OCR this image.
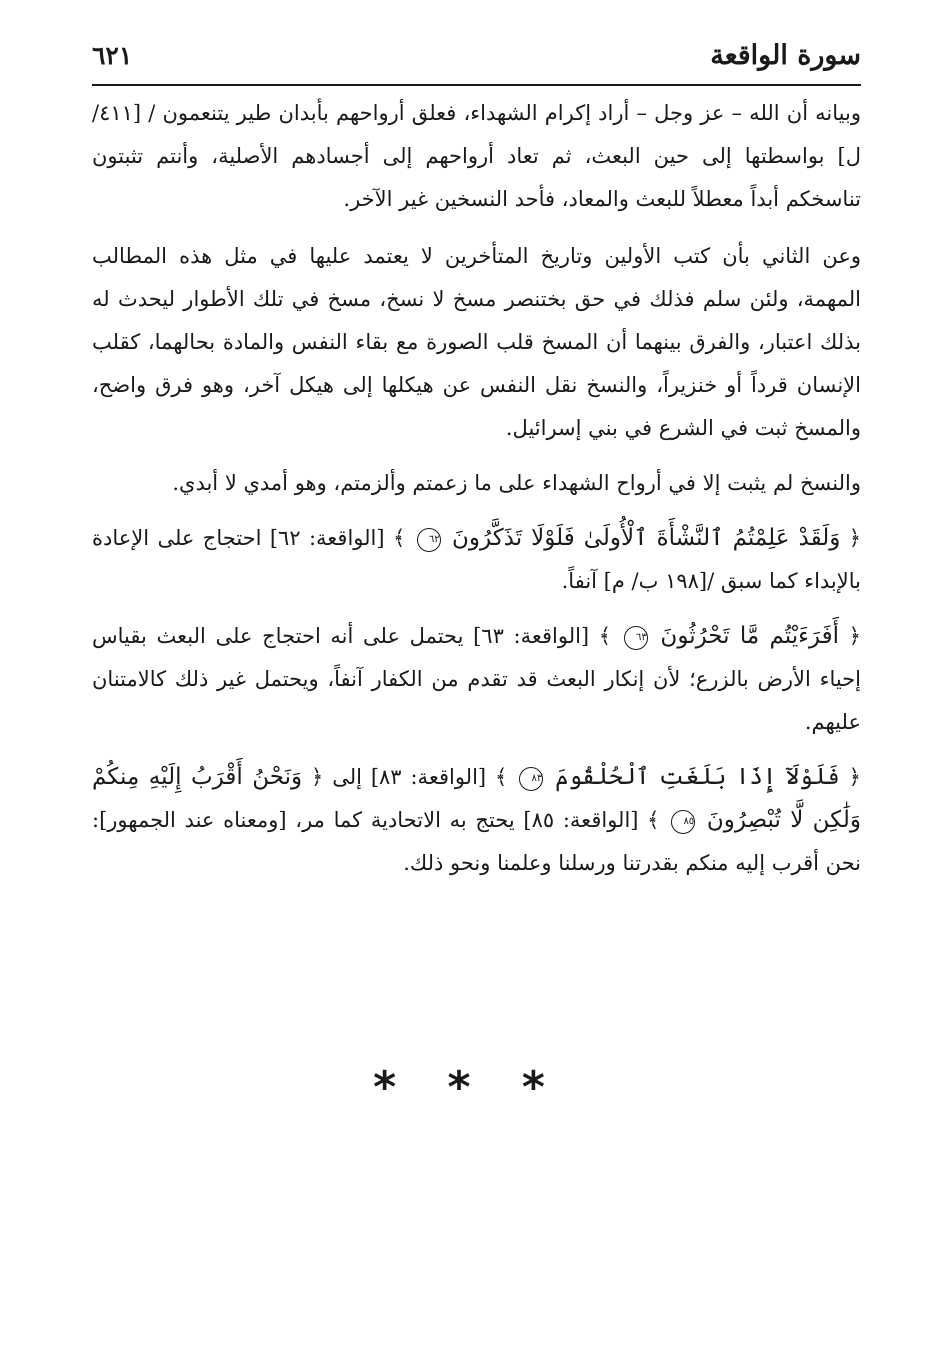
سورة الواقعة
٦٢١

وبيانه أن الله – عز وجل – أراد إكرام الشهداء، فعلق أرواحهم بأبدان طير يتنعمون / [٤١١/ ل] بواسطتها إلى حين البعث، ثم تعاد أرواحهم إلى أجسادهم الأصلية، وأنتم تثبتون تناسخكم أبداً معطلاً للبعث والمعاد، فأحد النسخين غير الآخر.

وعن الثاني بأن كتب الأولين وتاريخ المتأخرين لا يعتمد عليها في مثل هذه المطالب المهمة، ولئن سلم فذلك في حق بختنصر مسخ لا نسخ، مسخ في تلك الأطوار ليحدث له بذلك اعتبار، والفرق بينهما أن المسخ قلب الصورة مع بقاء النفس والمادة بحالهما، كقلب الإنسان قرداً أو خنزيراً، والنسخ نقل النفس عن هيكلها إلى هيكل آخر، وهو فرق واضح، والمسخ ثبت في الشرع في بني إسرائيل.

والنسخ لم يثبت إلا في أرواح الشهداء على ما زعمتم وألزمتم، وهو أمدي لا أبدي.

﴿ وَلَقَدْ عَلِمْتُمُ ٱلنَّشْأَةَ ٱلْأُولَىٰ فَلَوْلَا تَذَكَّرُونَ ٦٢ ﴾ [الواقعة: ٦٢] احتجاج على الإعادة بالإبداء كما سبق /[١٩٨ ب/ م] آنفاً.

﴿ أَفَرَءَيْتُم مَّا تَحْرُثُونَ ٦٣ ﴾ [الواقعة: ٦٣] يحتمل على أنه احتجاج على البعث بقياس إحياء الأرض بالزرع؛ لأن إنكار البعث قد تقدم من الكفار آنفاً، ويحتمل غير ذلك كالامتنان عليهم.

﴿ فَلَوْلَآ إِذَا بَلَغَتِ ٱلْحُلْقُومَ ٨٣ ﴾ [الواقعة: ٨٣] إلى ﴿ وَنَحْنُ أَقْرَبُ إِلَيْهِ مِنكُمْ وَلَٰكِن لَّا تُبْصِرُونَ ٨٥ ﴾ [الواقعة: ٨٥] يحتج به الاتحادية كما مر، [ومعناه عند الجمهور]: نحن أقرب إليه منكم بقدرتنا ورسلنا وعلمنا ونحو ذلك.

* * *
